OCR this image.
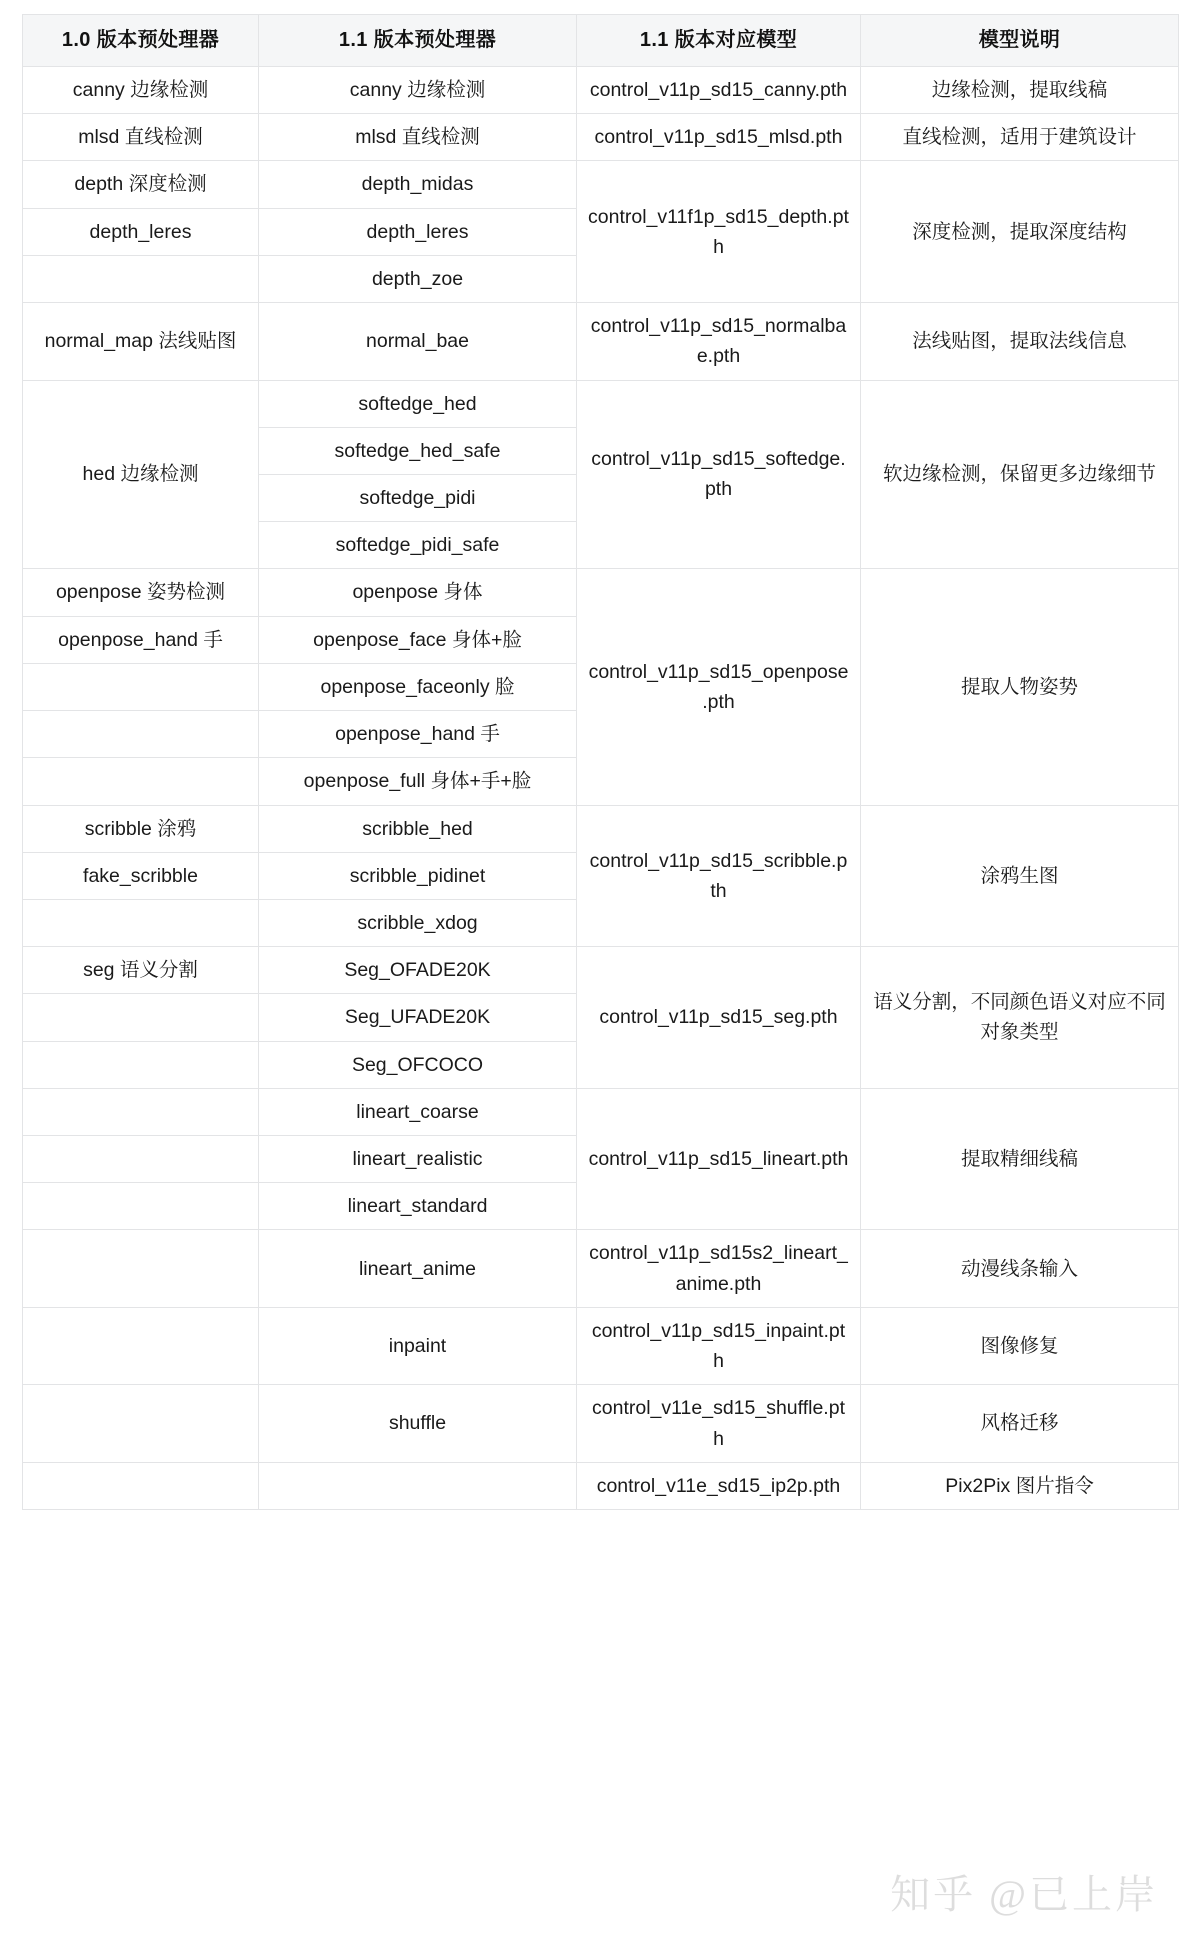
1.0 版本预处理器	1.1 版本预处理器	1.1 版本对应模型	模型说明
canny 边缘检测	canny 边缘检测	control_v11p_sd15_canny.pth	边缘检测，提取线稿
mlsd 直线检测	mlsd 直线检测	control_v11p_sd15_mlsd.pth	直线检测，适用于建筑设计
depth 深度检测	depth_midas	control_v11f1p_sd15_depth.pth	深度检测，提取深度结构
depth_leres	depth_leres		
	depth_zoe		
normal_map 法线贴图	normal_bae	control_v11p_sd15_normalbae.pth	法线贴图，提取法线信息
hed 边缘检测	softedge_hed	control_v11p_sd15_softedge.pth	软边缘检测，保留更多边缘细节
	softedge_hed_safe		
	softedge_pidi		
	softedge_pidi_safe		
openpose 姿势检测	openpose 身体	control_v11p_sd15_openpose.pth	提取人物姿势
openpose_hand 手	openpose_face 身体+脸		
	openpose_faceonly 脸		
	openpose_hand 手		
	openpose_full 身体+手+脸		
scribble 涂鸦	scribble_hed	control_v11p_sd15_scribble.pth	涂鸦生图
fake_scribble	scribble_pidinet		
	scribble_xdog		
seg 语义分割	Seg_OFADE20K	control_v11p_sd15_seg.pth	语义分割，不同颜色语义对应不同对象类型
	Seg_UFADE20K		
	Seg_OFCOCO		
	lineart_coarse	control_v11p_sd15_lineart.pth	提取精细线稿
	lineart_realistic		
	lineart_standard		
	lineart_anime	control_v11p_sd15s2_lineart_anime.pth	动漫线条输入
	inpaint	control_v11p_sd15_inpaint.pth	图像修复
	shuffle	control_v11e_sd15_shuffle.pth	风格迁移
		control_v11e_sd15_ip2p.pth	Pix2Pix 图片指令
知乎 @已上岸
